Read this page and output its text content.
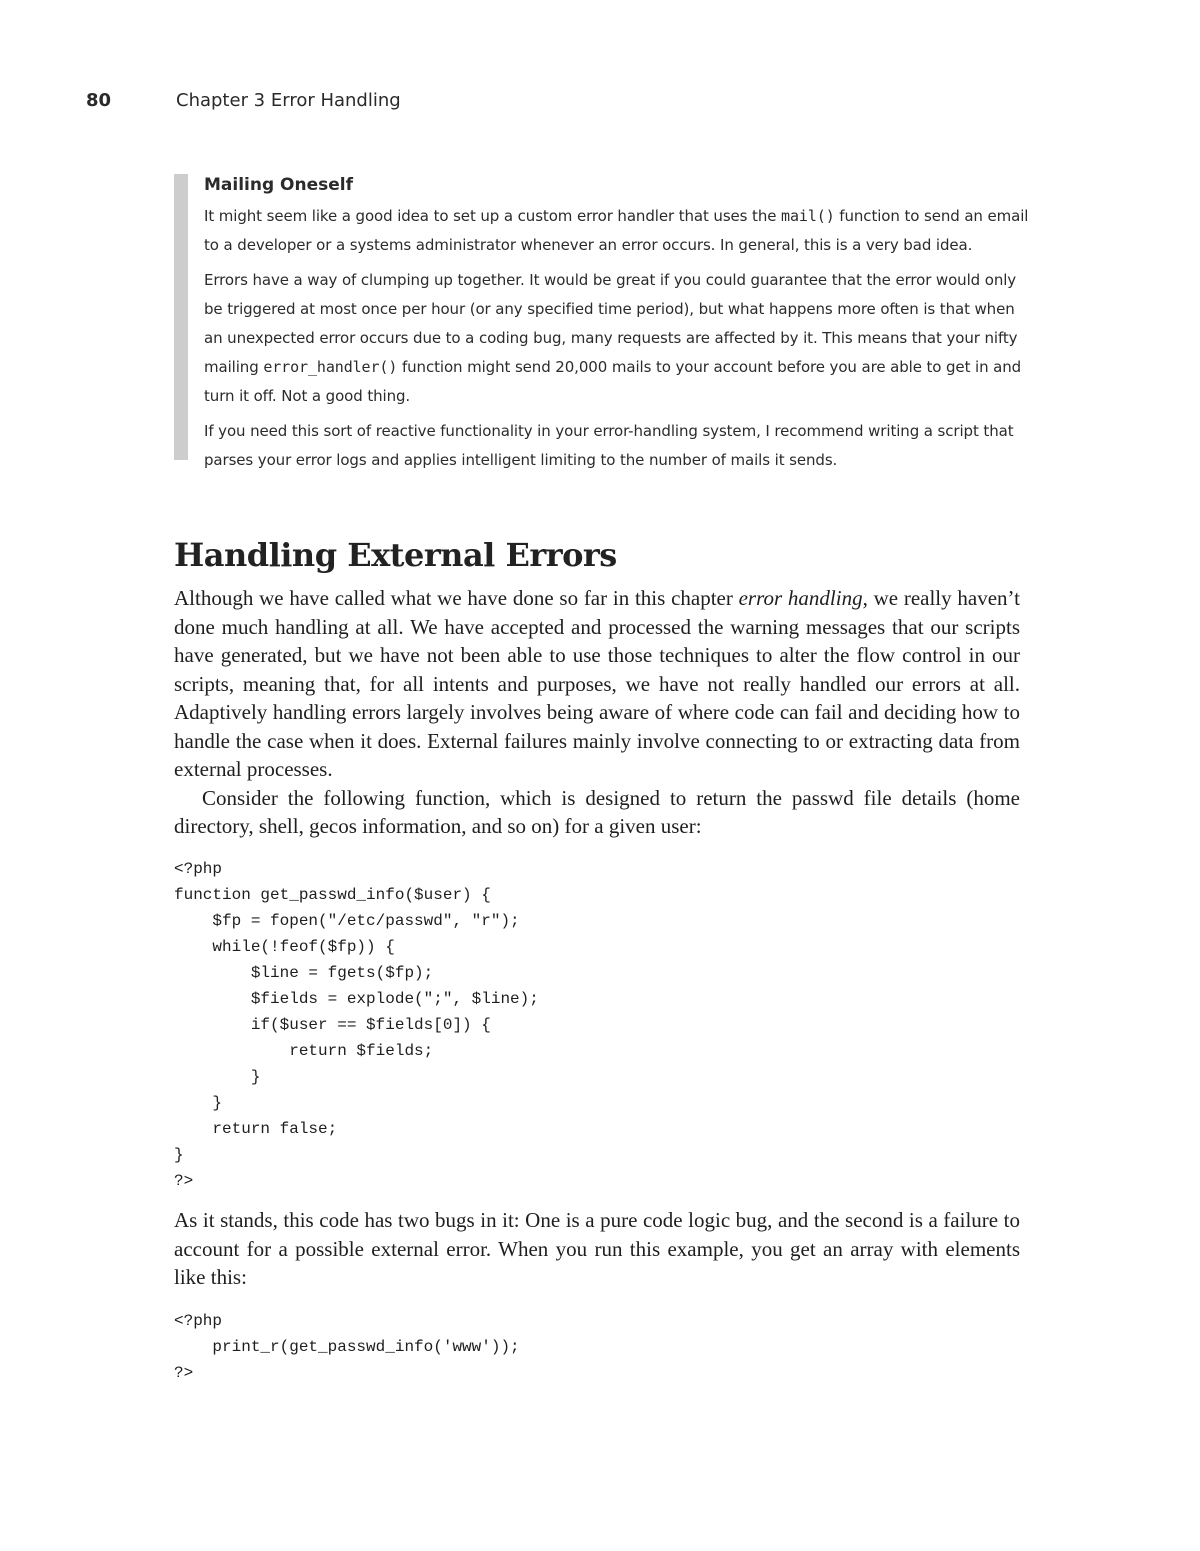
80	Chapter 3 Error Handling
Mailing Oneself

It might seem like a good idea to set up a custom error handler that uses the mail() function to send an email to a developer or a systems administrator whenever an error occurs. In general, this is a very bad idea.

Errors have a way of clumping up together. It would be great if you could guarantee that the error would only be triggered at most once per hour (or any specified time period), but what happens more often is that when an unexpected error occurs due to a coding bug, many requests are affected by it. This means that your nifty mailing error_handler() function might send 20,000 mails to your account before you are able to get in and turn it off. Not a good thing.

If you need this sort of reactive functionality in your error-handling system, I recommend writing a script that parses your error logs and applies intelligent limiting to the number of mails it sends.

Handling External Errors

Although we have called what we have done so far in this chapter error handling, we really haven’t done much handling at all. We have accepted and processed the warning messages that our scripts have generated, but we have not been able to use those techniques to alter the flow control in our scripts, meaning that, for all intents and purposes, we have not really handled our errors at all. Adaptively handling errors largely involves being aware of where code can fail and deciding how to handle the case when it does. External failures mainly involve connecting to or extracting data from external processes.

Consider the following function, which is designed to return the passwd file details (home directory, shell, gecos information, and so on) for a given user:

<?php
function get_passwd_info($user) {
$fp = fopen("/etc/passwd", "r");
while(!feof($fp)) {
$line = fgets($fp);
$fields = explode(";", $line);
if($user == $fields[0]) {
return $fields;
}
}
return false;
}
?>

As it stands, this code has two bugs in it: One is a pure code logic bug, and the second is a failure to account for a possible external error. When you run this example, you get an array with elements like this:

<?php
print_r(get_passwd_info('www'));
?>
